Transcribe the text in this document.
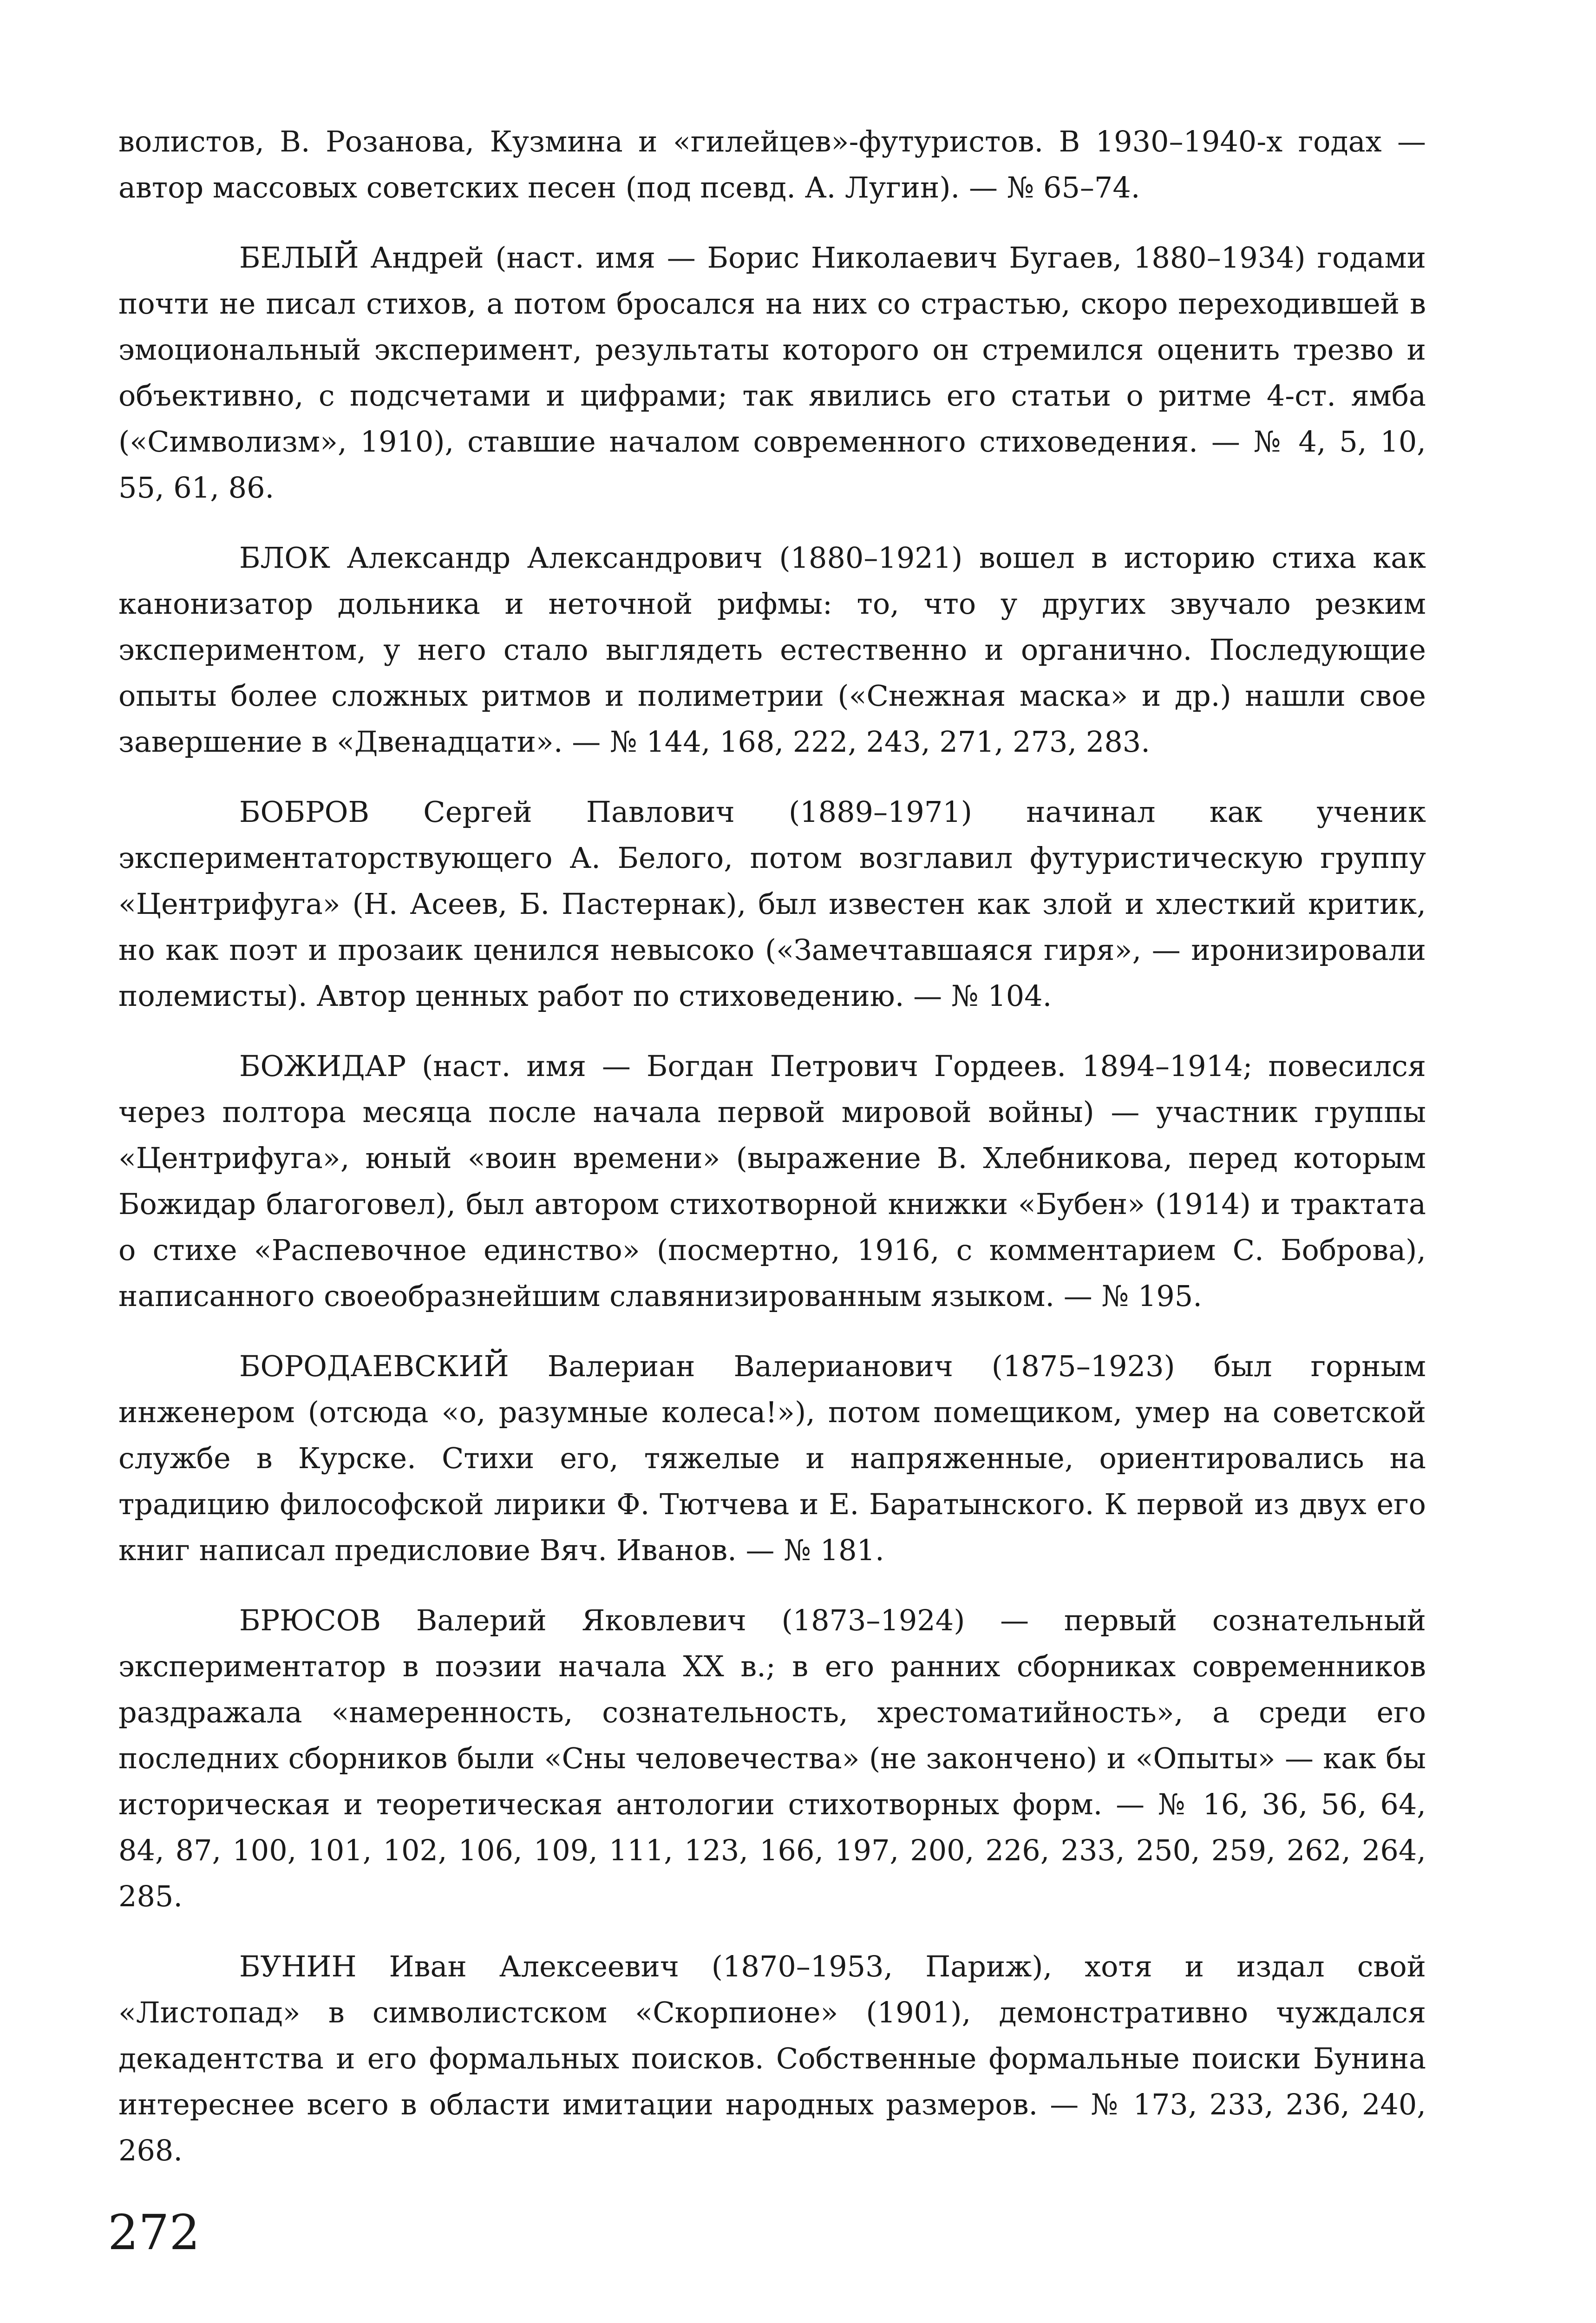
волистов, В. Розанова, Кузмина и «гилейцев»-футуристов. В 1930–1940-х годах — автор массовых советских песен (под псевд. А. Лугин). — № 65–74.

БЕЛЫЙ Андрей (наст. имя — Борис Николаевич Бугаев, 1880–1934) годами почти не писал стихов, а потом бросался на них со страстью, скоро переходившей в эмоциональный эксперимент, результаты которого он стремился оценить трезво и объективно, с подсчетами и цифрами; так явились его статьи о ритме 4-ст. ямба («Символизм», 1910), ставшие началом современного стиховедения. — № 4, 5, 10, 55, 61, 86.

БЛОК Александр Александрович (1880–1921) вошел в историю стиха как канонизатор дольника и неточной рифмы: то, что у других звучало резким экспериментом, у него стало выглядеть естественно и органично. Последующие опыты более сложных ритмов и полиметрии («Снежная маска» и др.) нашли свое завершение в «Двенадцати». — № 144, 168, 222, 243, 271, 273, 283.

БОБРОВ Сергей Павлович (1889–1971) начинал как ученик экспериментаторствующего А. Белого, потом возглавил футуристическую группу «Центрифуга» (Н. Асеев, Б. Пастернак), был известен как злой и хлесткий критик, но как поэт и прозаик ценился невысоко («Замечтавшаяся гиря», — иронизировали полемисты). Автор ценных работ по стиховедению. — № 104.

БОЖИДАР (наст. имя — Богдан Петрович Гордеев. 1894–1914; повесился через полтора месяца после начала первой мировой войны) — участник группы «Центрифуга», юный «воин времени» (выражение В. Хлебникова, перед которым Божидар благоговел), был автором стихотворной книжки «Бубен» (1914) и трактата о стихе «Распевочное единство» (посмертно, 1916, с комментарием С. Боброва), написанного своеобразнейшим славянизированным языком. — № 195.

БОРОДАЕВСКИЙ Валериан Валерианович (1875–1923) был горным инженером (отсюда «о, разумные колеса!»), потом помещиком, умер на советской службе в Курске. Стихи его, тяжелые и напряженные, ориентировались на традицию философской лирики Ф. Тютчева и Е. Баратынского. К первой из двух его книг написал предисловие Вяч. Иванов. — № 181.

БРЮСОВ Валерий Яковлевич (1873–1924) — первый сознательный экспериментатор в поэзии начала XX в.; в его ранних сборниках современников раздражала «намеренность, сознательность, хрестоматийность», а среди его последних сборников были «Сны человечества» (не закончено) и «Опыты» — как бы историческая и теоретическая антологии стихотворных форм. — № 16, 36, 56, 64, 84, 87, 100, 101, 102, 106, 109, 111, 123, 166, 197, 200, 226, 233, 250, 259, 262, 264, 285.

БУНИН Иван Алексеевич (1870–1953, Париж), хотя и издал свой «Листопад» в символистском «Скорпионе» (1901), демонстративно чуждался декадентства и его формальных поисков. Собственные формальные поиски Бунина интереснее всего в области имитации народных размеров. — № 173, 233, 236, 240, 268.

272
